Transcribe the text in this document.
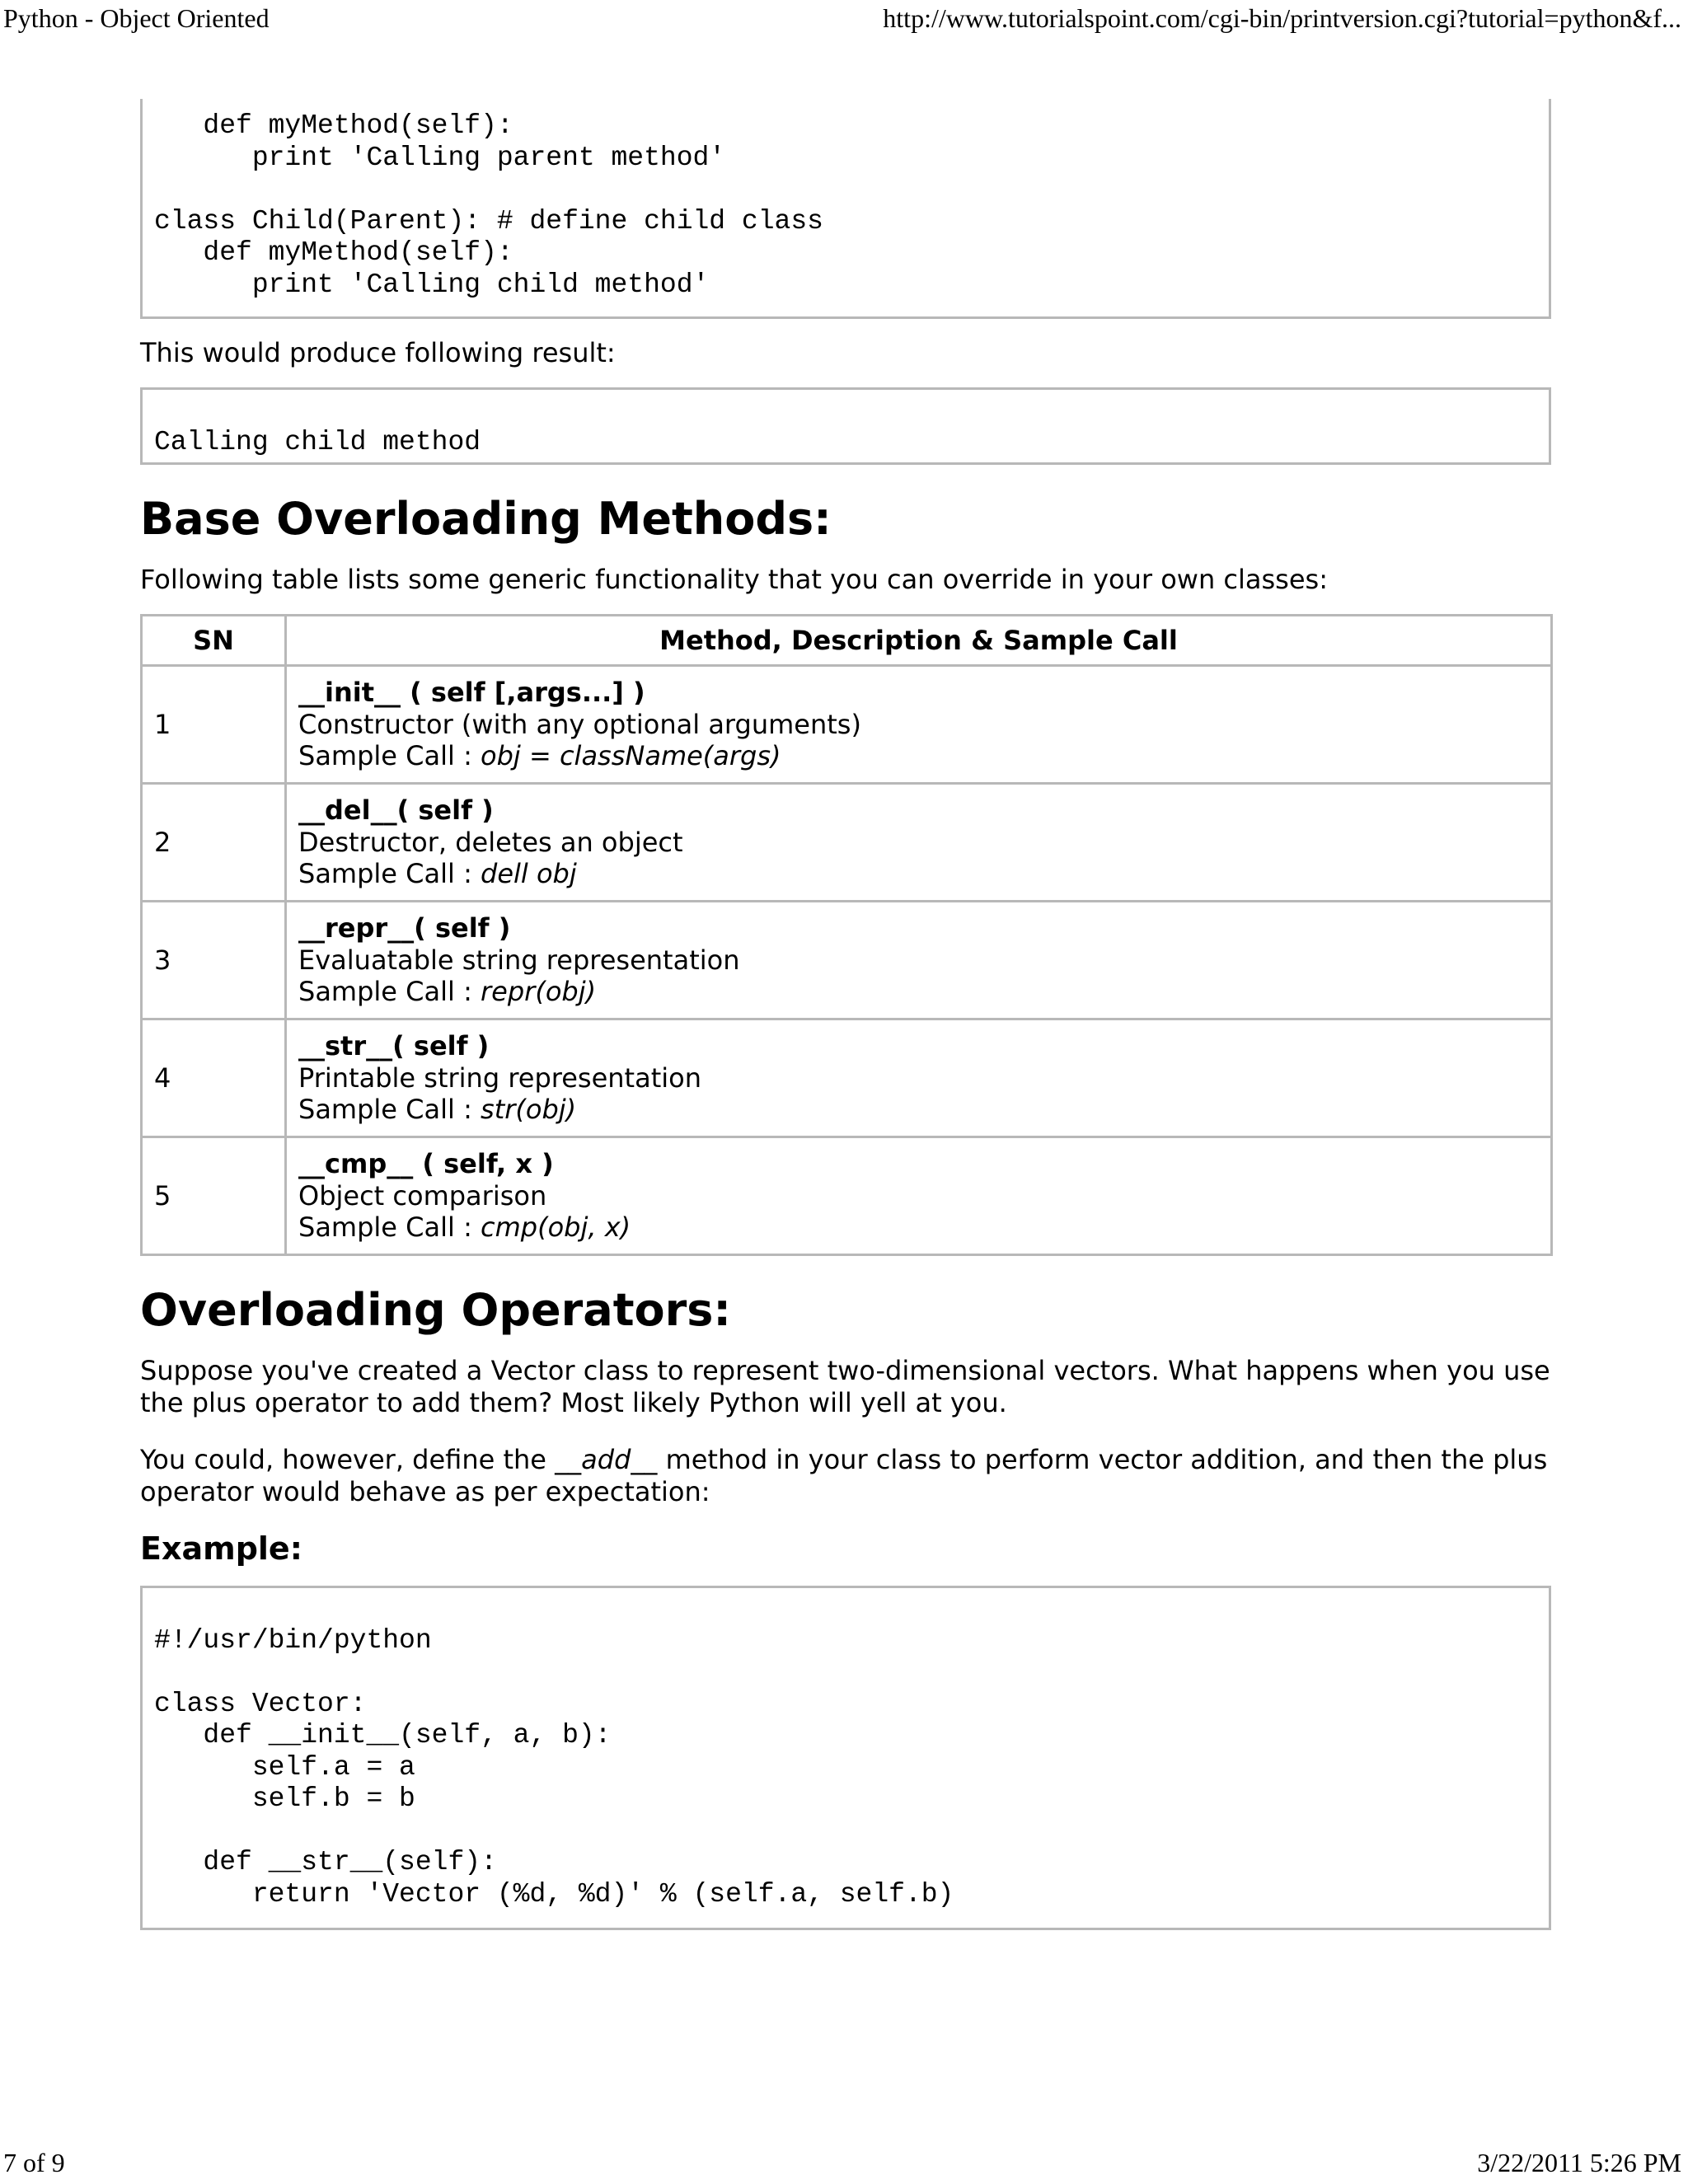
Python - Object Oriented	http://www.tutorialspoint.com/cgi-bin/printversion.cgi?tutorial=python&f...
def myMethod(self):
print 'Calling parent method'

class Child(Parent): # define child class
def myMethod(self):
print 'Calling child method'

This would produce following result:

Calling child method
Base Overloading Methods:

Following table lists some generic functionality that you can override in your own classes:

SN	Method, Description & Sample Call
1	__init__ ( self [,args...] )
Constructor (with any optional arguments)
Sample Call : obj = className(args)

2	__del__( self )
Destructor, deletes an object
Sample Call : dell obj

3	__repr__( self )
Evaluatable string representation
Sample Call : repr(obj)

4	__str__( self )
Printable string representation
Sample Call : str(obj)

5	__cmp__ ( self, x )
Object comparison
Sample Call : cmp(obj, x)
Overloading Operators:

Suppose you've created a Vector class to represent two-dimensional vectors. What happens when you use the plus operator to add them? Most likely Python will yell at you.

You could, however, define the __add__ method in your class to perform vector addition, and then the plus operator would behave as per expectation:

Example:

#!/usr/bin/python

class Vector:
def __init__(self, a, b):
self.a = a
self.b = b

def __str__(self):
return 'Vector (%d, %d)' % (self.a, self.b)
7 of 9	3/22/2011 5:26 PM
